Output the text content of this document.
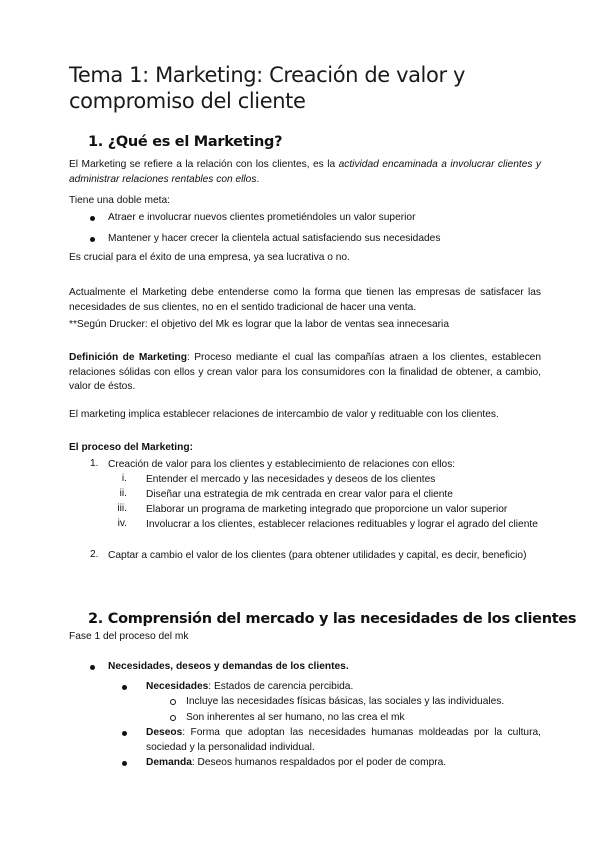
Tema 1: Marketing: Creación de valor y compromiso del cliente
1. ¿Qué es el Marketing?
El Marketing se refiere a la relación con los clientes, es la actividad encaminada a involucrar clientes y administrar relaciones rentables con ellos.
Tiene una doble meta:
Atraer e involucrar nuevos clientes prometiéndoles un valor superior
Mantener y hacer crecer la clientela actual satisfaciendo sus necesidades
Es crucial para el éxito de una empresa, ya sea lucrativa o no.
Actualmente el Marketing debe entenderse como la forma que tienen las empresas de satisfacer las necesidades de sus clientes, no en el sentido tradicional de hacer una venta.
**Según Drucker: el objetivo del Mk es lograr que la labor de ventas sea innecesaria
Definición de Marketing: Proceso mediante el cual las compañías atraen a los clientes, establecen relaciones sólidas con ellos y crean valor para los consumidores con la finalidad de obtener, a cambio, valor de éstos.
El marketing implica establecer relaciones de intercambio de valor y redituable con los clientes.
El proceso del Marketing:
1. Creación de valor para los clientes y establecimiento de relaciones con ellos:
i. Entender el mercado y las necesidades y deseos de los clientes
ii. Diseñar una estrategia de mk centrada en crear valor para el cliente
iii. Elaborar un programa de marketing integrado que proporcione un valor superior
iv. Involucrar a los clientes, establecer relaciones redituables y lograr el agrado del cliente
2. Captar a cambio el valor de los clientes (para obtener utilidades y capital, es decir, beneficio)
2. Comprensión del mercado y las necesidades de los clientes
Fase 1 del proceso del mk
Necesidades, deseos y demandas de los clientes.
Necesidades: Estados de carencia percibida.
Incluye las necesidades físicas básicas, las sociales y las individuales.
Son inherentes al ser humano, no las crea el mk
Deseos: Forma que adoptan las necesidades humanas moldeadas por la cultura, sociedad y la personalidad individual.
Demanda: Deseos humanos respaldados por el poder de compra.
